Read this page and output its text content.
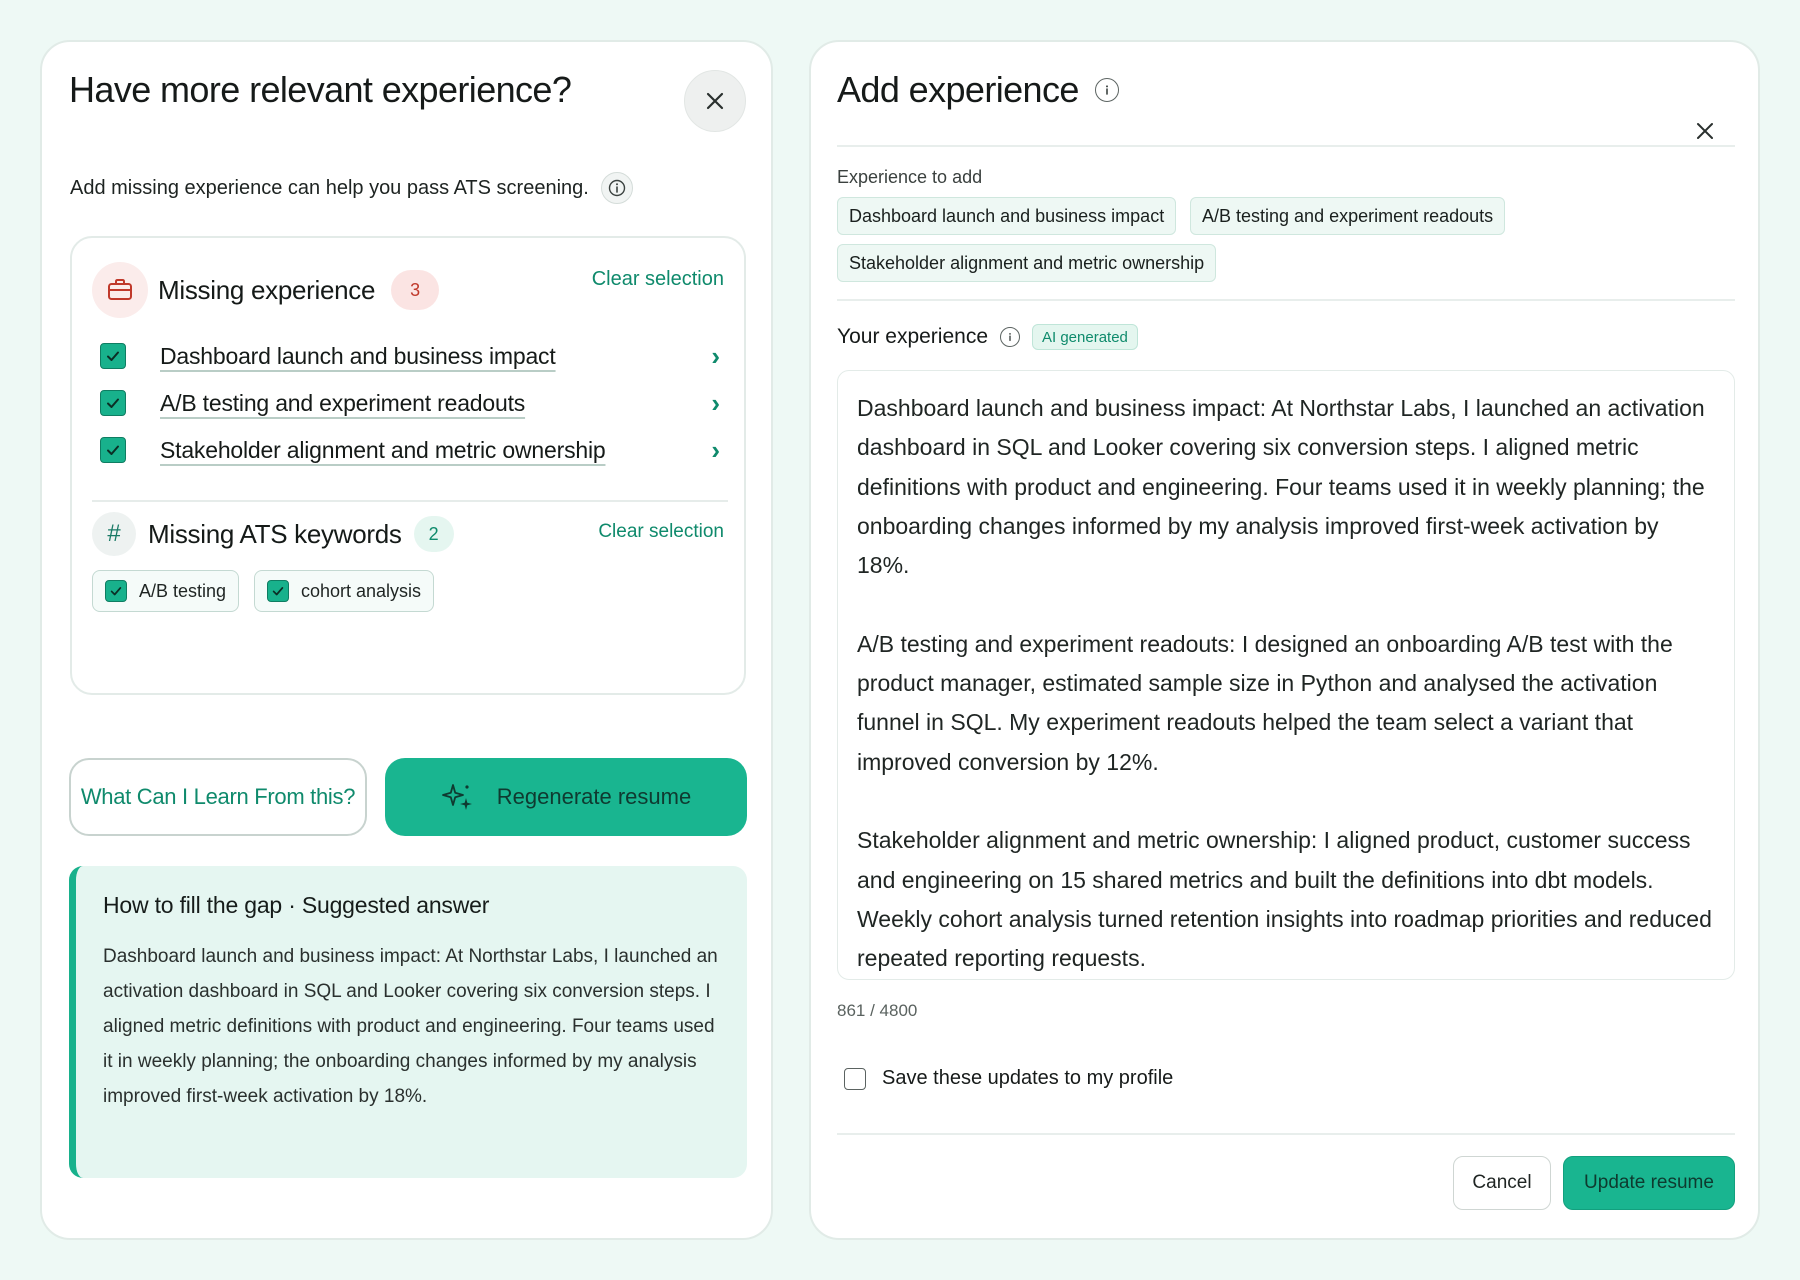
Have more relevant experience?
Add missing experience can help you pass ATS screening.
Missing experience	3	Clear selection
Dashboard launch and business impact	›
A/B testing and experiment readouts	›
Stakeholder alignment and metric ownership	›
#	Missing ATS keywords	2	Clear selection
A/B testing	cohort analysis
What Can I Learn From this?	Regenerate resume
How to fill the gap · Suggested answer

Dashboard launch and business impact: At Northstar Labs, I launched an activation dashboard in SQL and Looker covering six conversion steps. I aligned metric definitions with product and engineering. Four teams used it in weekly planning; the onboarding changes informed by my analysis improved first-week activation by 18%.

Add experience
Experience to add
Dashboard launch and business impact	A/B testing and experiment readouts
Stakeholder alignment and metric ownership
Your experience	AI generated
Dashboard launch and business impact: At Northstar Labs, I launched an activation dashboard in SQL and Looker covering six conversion steps. I aligned metric definitions with product and engineering. Four teams used it in weekly planning; the onboarding changes informed by my analysis improved first-week activation by 18%.

A/B testing and experiment readouts: I designed an onboarding A/B test with the product manager, estimated sample size in Python and analysed the activation funnel in SQL. My experiment readouts helped the team select a variant that improved conversion by 12%.

Stakeholder alignment and metric ownership: I aligned product, customer success and engineering on 15 shared metrics and built the definitions into dbt models. Weekly cohort analysis turned retention insights into roadmap priorities and reduced repeated reporting requests.
861 / 4800
Save these updates to my profile
Cancel	Update resume
